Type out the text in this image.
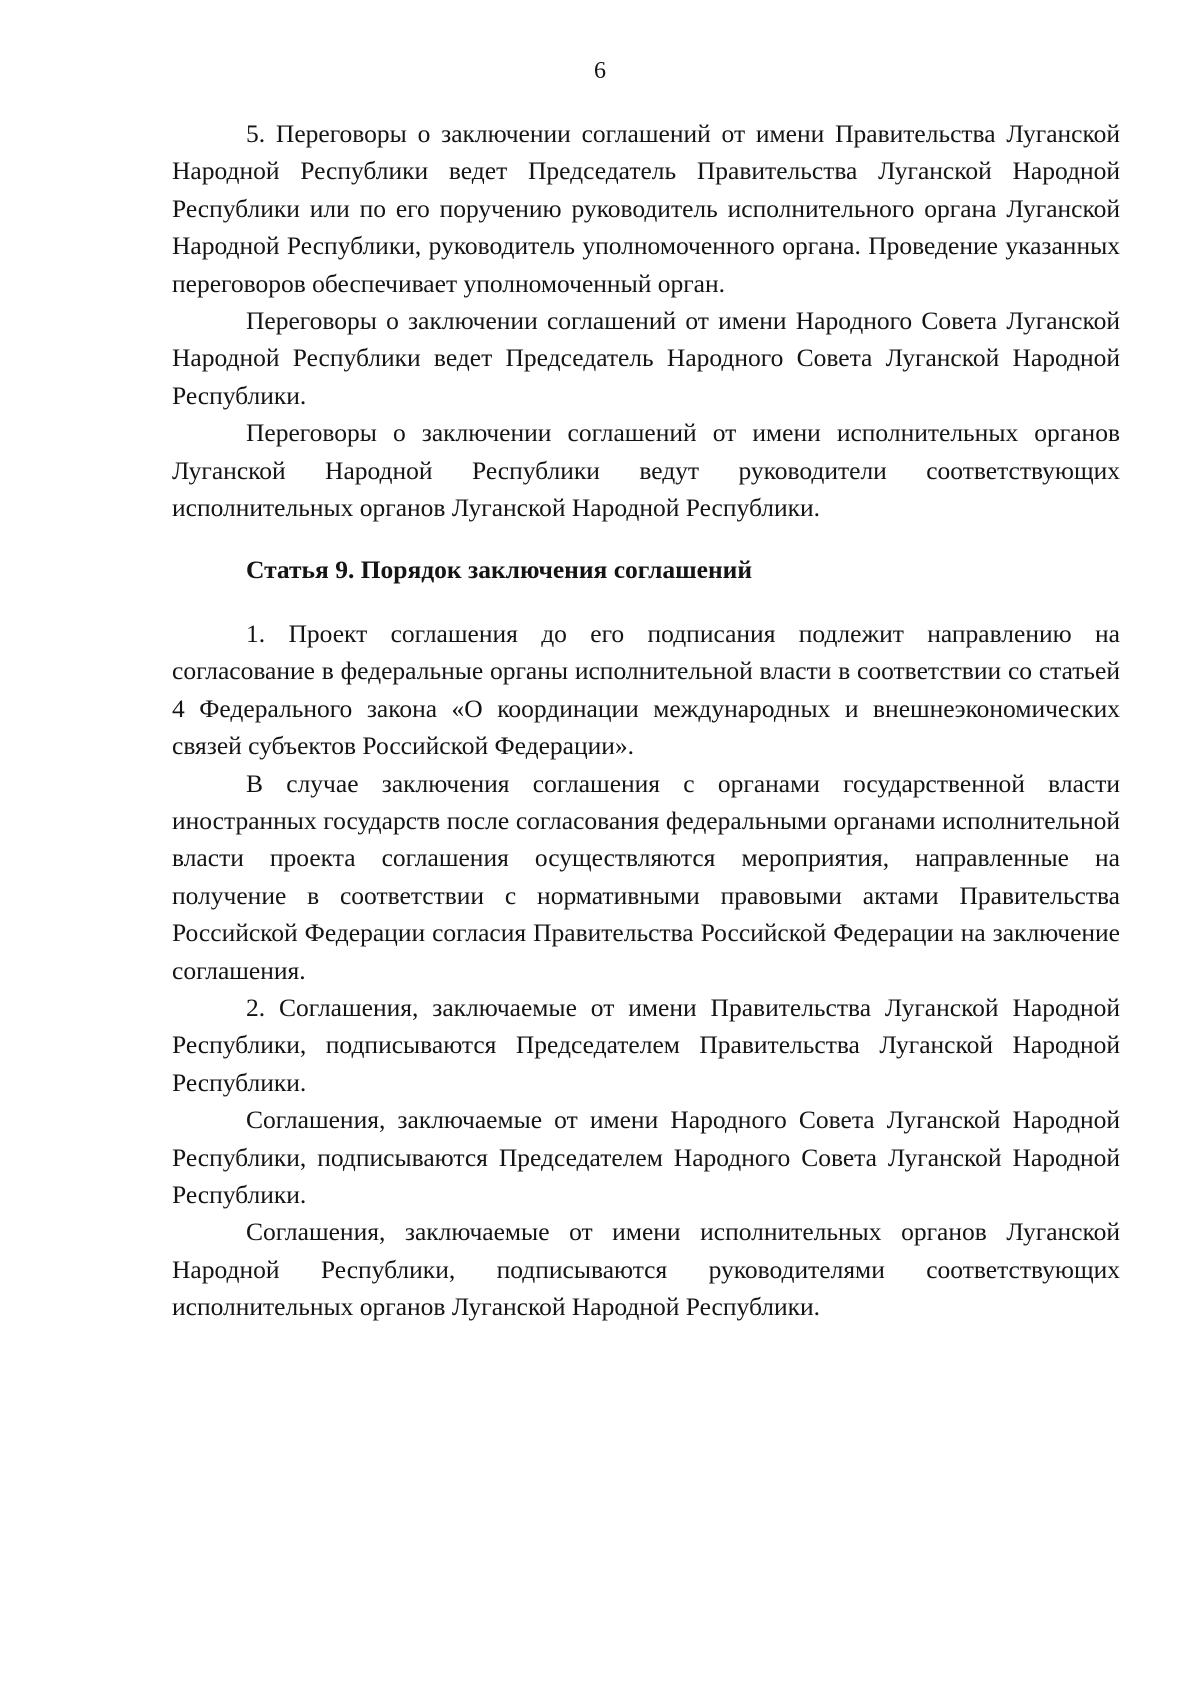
6

5. Переговоры о заключении соглашений от имени Правительства Луганской Народной Республики ведет Председатель Правительства Луганской Народной Республики или по его поручению руководитель исполнительного органа Луганской Народной Республики, руководитель уполномоченного органа. Проведение указанных переговоров обеспечивает уполномоченный орган.

Переговоры о заключении соглашений от имени Народного Совета Луганской Народной Республики ведет Председатель Народного Совета Луганской Народной Республики.

Переговоры о заключении соглашений от имени исполнительных органов Луганской Народной Республики ведут руководители соответствующих исполнительных органов Луганской Народной Республики.

Статья 9. Порядок заключения соглашений

1. Проект соглашения до его подписания подлежит направлению на согласование в федеральные органы исполнительной власти в соответствии со статьей 4 Федерального закона «О координации международных и внешнеэкономических связей субъектов Российской Федерации».

В случае заключения соглашения с органами государственной власти иностранных государств после согласования федеральными органами исполнительной власти проекта соглашения осуществляются мероприятия, направленные на получение в соответствии с нормативными правовыми актами Правительства Российской Федерации согласия Правительства Российской Федерации на заключение соглашения.

2. Соглашения, заключаемые от имени Правительства Луганской Народной Республики, подписываются Председателем Правительства Луганской Народной Республики.

Соглашения, заключаемые от имени Народного Совета Луганской Народной Республики, подписываются Председателем Народного Совета Луганской Народной Республики.

Соглашения, заключаемые от имени исполнительных органов Луганской Народной Республики, подписываются руководителями соответствующих исполнительных органов Луганской Народной Республики.
